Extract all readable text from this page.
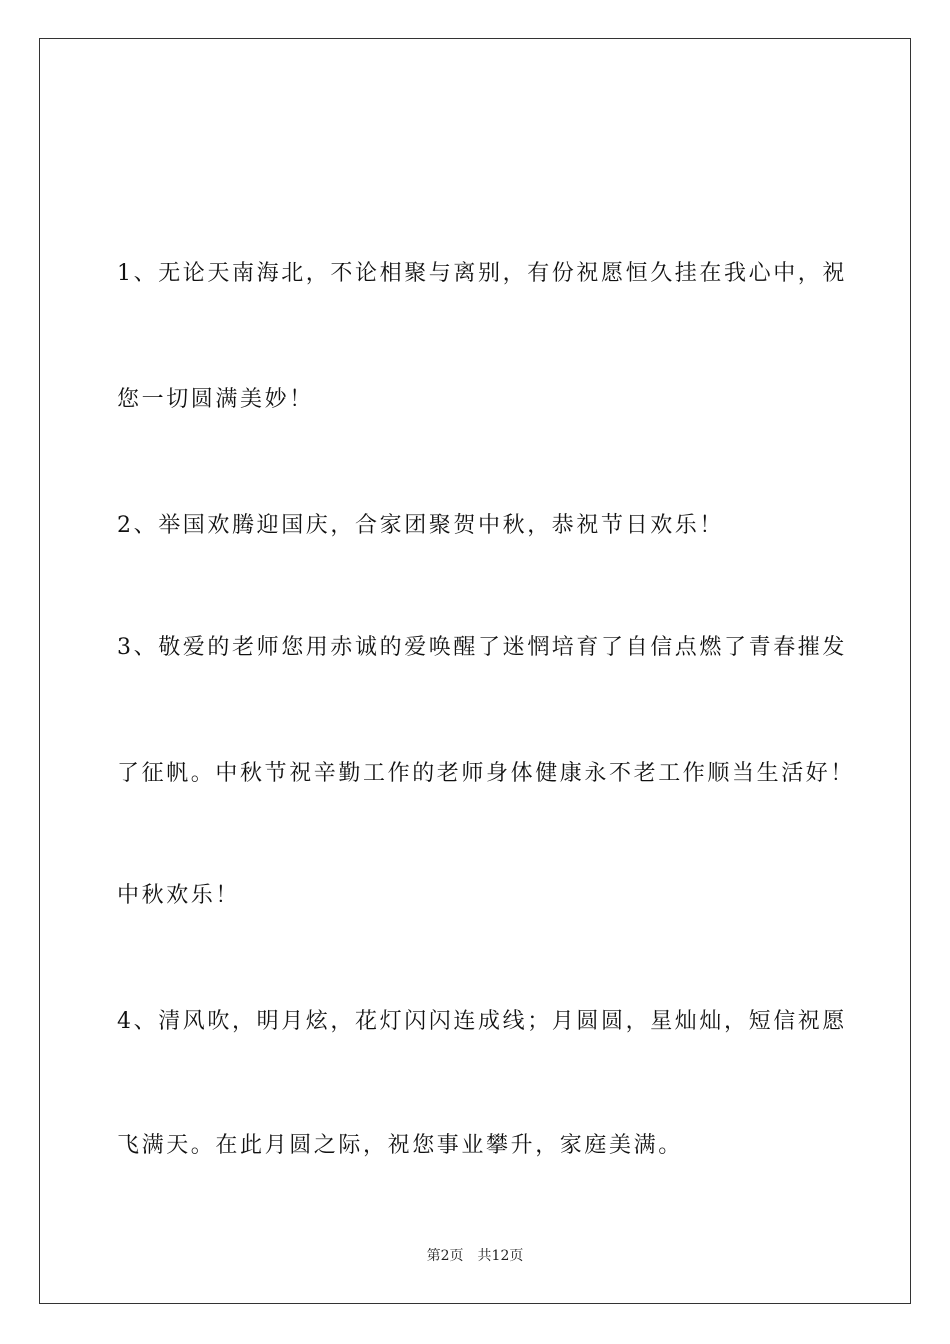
1、无论天南海北，不论相聚与离别，有份祝愿恒久挂在我心中，祝
您一切圆满美妙！
2、举国欢腾迎国庆，合家团聚贺中秋，恭祝节日欢乐！
3、敬爱的老师您用赤诚的爱唤醒了迷惘培育了自信点燃了青春摧发
了征帆。中秋节祝辛勤工作的老师身体健康永不老工作顺当生活好！
中秋欢乐！
4、清风吹，明月炫，花灯闪闪连成线；月圆圆，星灿灿，短信祝愿
飞满天。在此月圆之际，祝您事业攀升，家庭美满。
第2页 共12页
